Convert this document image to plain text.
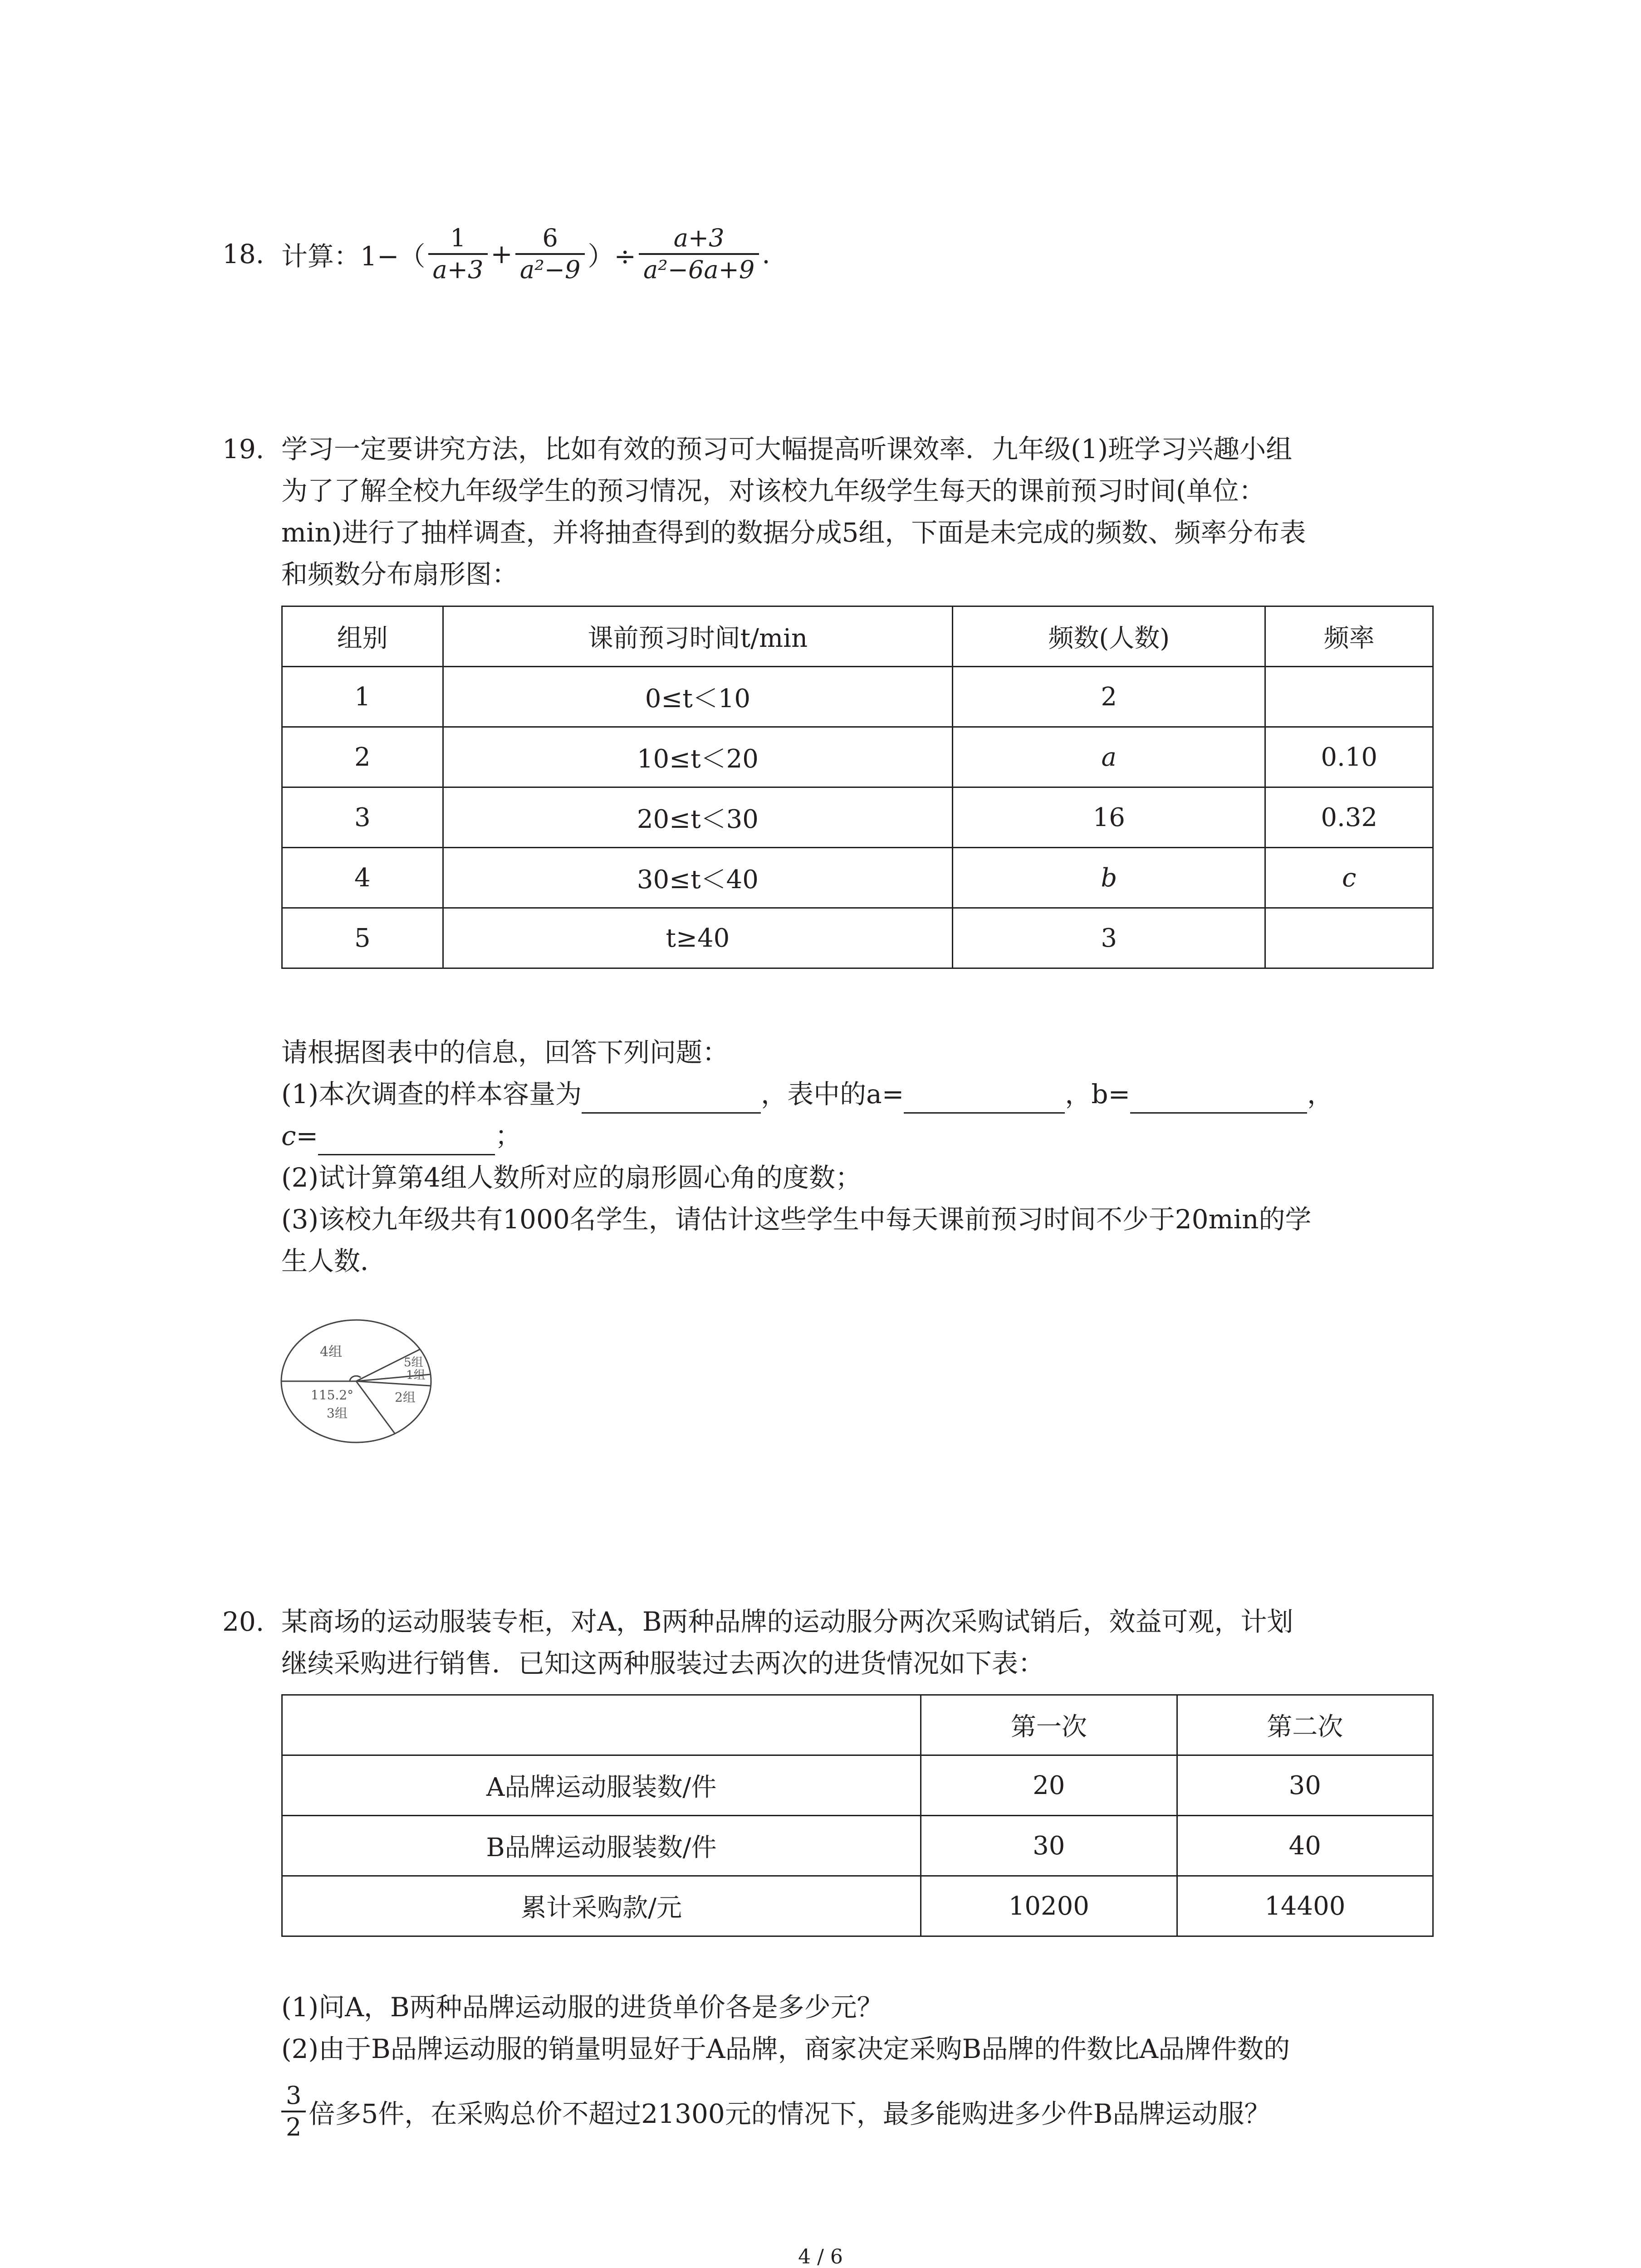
18. 计算：$1-( \frac{1}{a+3} + \frac{6}{\text{a²−9}}$ ）÷ $\frac{a+3}{\text{a²−6a+9}}$ .
19. 学习一定要讲究方法，比如有效的预习可大幅提高听课效率．九年级(1)班学习兴趣小组
为了了解全校九年级学生的预习情况，对该校九年级学生每天的课前预习时间(单位：
min)进行了抽样调查，并将抽查得到的数据分成5组，下面是未完成的频数、频率分布表
和频数分布扇形图：
组别	课前预习时间t/min	频数(人数)	频率
1	0≤t＜10	2	
2	10≤t＜20	a	0.10
3	20≤t＜30	16	0.32
4	30≤t＜40	b	c
5	t≥40	3	
请根据图表中的信息，回答下列问题：
(1)本次调查的样本容量为	，表中的a=	，b=	，
c=	；
(2)试计算第4组人数所对应的扇形圆心角的度数；
(3)该校九年级共有1000名学生，请估计这些学生中每天课前预习时间不少于20min的学
生人数．
4组
5组
1组
2组
115.2°
3组
20. 某商场的运动服装专柜，对A，B两种品牌的运动服分两次采购试销后，效益可观，计划
继续采购进行销售．已知这两种服装过去两次的进货情况如下表：
	第一次	第二次
A品牌运动服装数/件	20	30
B品牌运动服装数/件	30	40
累计采购款/元	10200	14400
(1)问A，B两种品牌运动服的进货单价各是多少元？
(2)由于B品牌运动服的销量明显好于A品牌，商家决定采购B品牌的件数比A品牌件数的
$\frac{3}{2}$ 倍多5件，在采购总价不超过21300元的情况下，最多能购进多少件B品牌运动服？
4 / 6
